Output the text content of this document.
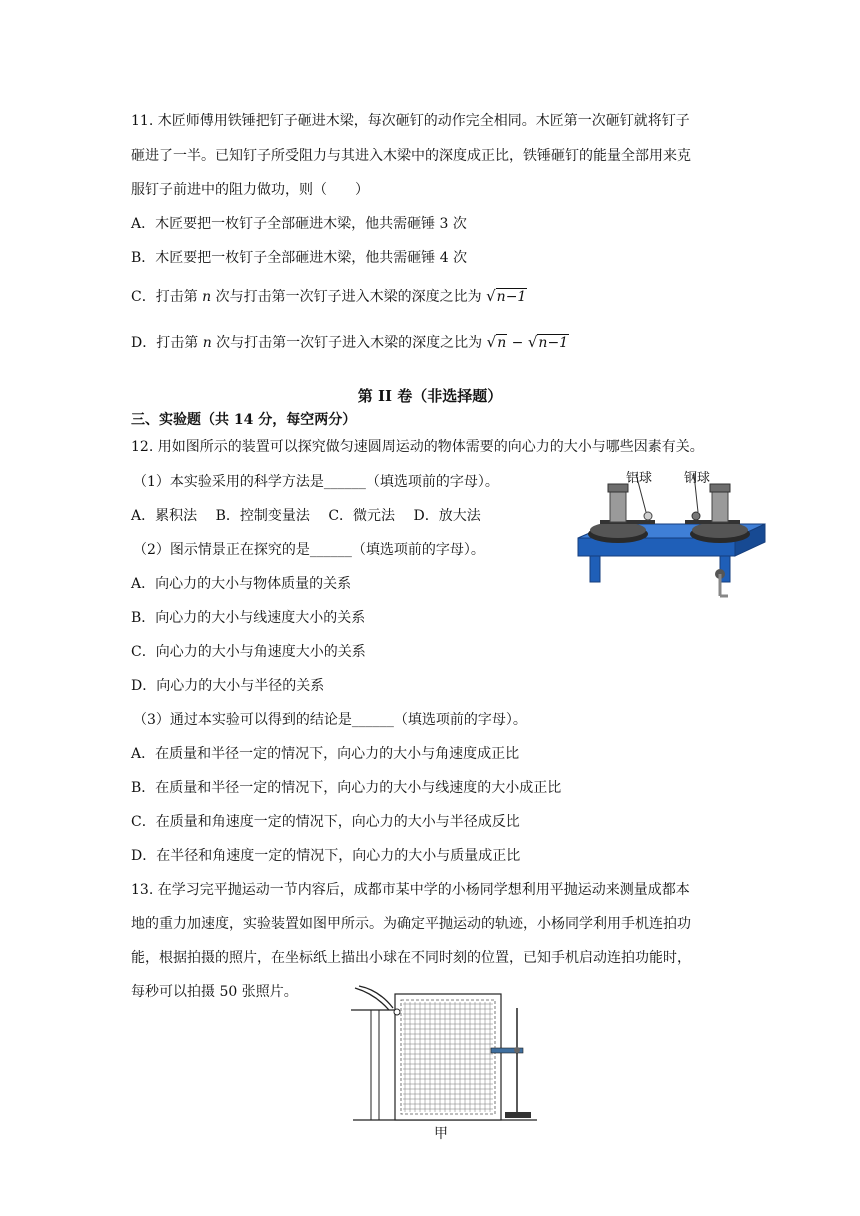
11. 木匠师傅用铁锤把钉子砸进木梁，每次砸钉的动作完全相同。木匠第一次砸钉就将钉子
砸进了一半。已知钉子所受阻力与其进入木梁中的深度成正比，铁锤砸钉的能量全部用来克
服钉子前进中的阻力做功，则（　　）
A．木匠要把一枚钉子全部砸进木梁，他共需砸锤 3 次
B．木匠要把一枚钉子全部砸进木梁，他共需砸锤 4 次
C．打击第 n 次与打击第一次钉子进入木梁的深度之比为 √n−1
D．打击第 n 次与打击第一次钉子进入木梁的深度之比为 √n − √n−1
第 II 卷（非选择题）
三、实验题（共 14 分，每空两分）
12. 用如图所示的装置可以探究做匀速圆周运动的物体需要的向心力的大小与哪些因素有关。
（1）本实验采用的科学方法是______（填选项前的字母）。
A．累积法 B．控制变量法 C．微元法 D．放大法
（2）图示情景正在探究的是______（填选项前的字母）。
A．向心力的大小与物体质量的关系
B．向心力的大小与线速度大小的关系
C．向心力的大小与角速度大小的关系
D．向心力的大小与半径的关系
（3）通过本实验可以得到的结论是______（填选项前的字母）。
A．在质量和半径一定的情况下，向心力的大小与角速度成正比
B．在质量和半径一定的情况下，向心力的大小与线速度的大小成正比
C．在质量和角速度一定的情况下，向心力的大小与半径成反比
D．在半径和角速度一定的情况下，向心力的大小与质量成正比
铝球 钢球
13. 在学习完平抛运动一节内容后，成都市某中学的小杨同学想利用平抛运动来测量成都本
地的重力加速度，实验装置如图甲所示。为确定平抛运动的轨迹，小杨同学利用手机连拍功
能，根据拍摄的照片，在坐标纸上描出小球在不同时刻的位置，已知手机启动连拍功能时，
每秒可以拍摄 50 张照片。
甲
